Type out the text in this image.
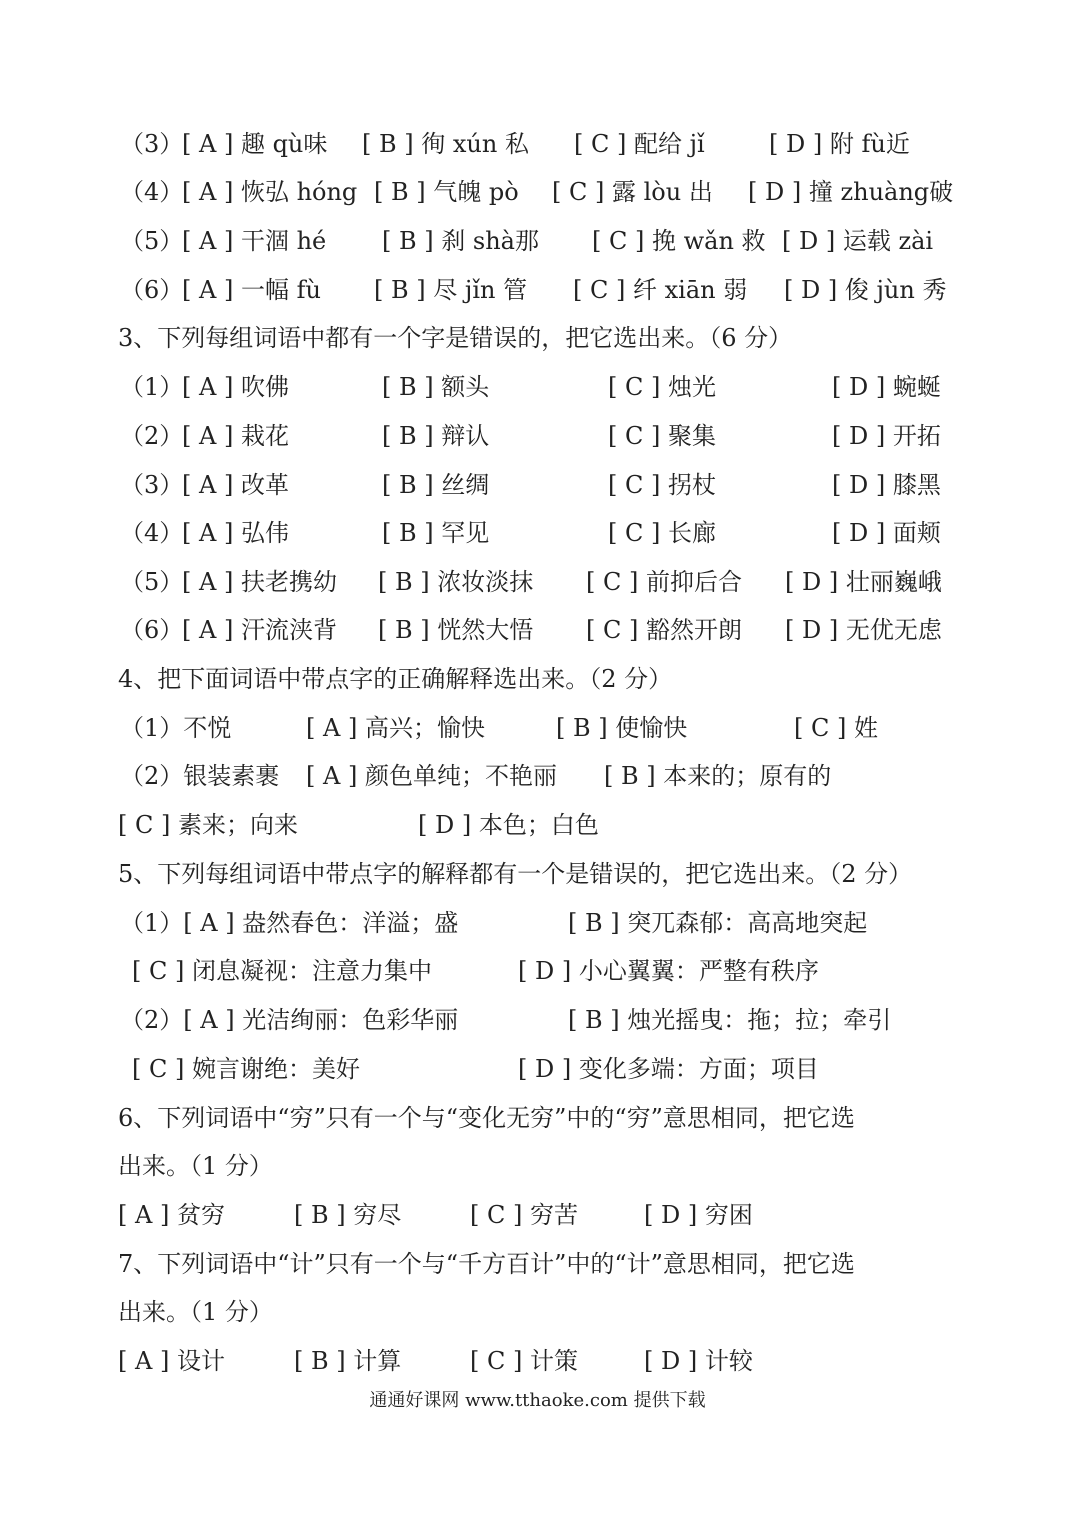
（3）
[ A ] 趣 qù味 [ B ] 徇 xún 私 [ C ] 配给 jǐ	[ D ] 附 fù近
（4）
[ A ] 恢弘 hóng [ B ] 气魄 pò [ C ] 露 lòu 出 [ D ] 撞 zhuàng破
（5）
[ A ] 干涸 hé [ B ] 刹 shà那 [ C ] 挽 wǎn 救 [ D ] 运载 zài
（6）
[ A ] 一幅 fù [ B ] 尽 jǐn 管 [ C ] 纤 xiān 弱 [ D ] 俊 jùn 秀
3、下列每组词语中都有一个字是错误的，把它选出来。（6 分）
（1）
[ A ] 吹佛	[ B ] 额头	[ C ] 烛光	[ D ] 蜿蜒
（2）
[ A ] 栽花	[ B ] 辩认	[ C ] 聚集	[ D ] 开拓
（3）
[ A ] 改革	[ B ] 丝绸	[ C ] 拐杖	[ D ] 膝黑
（4）
[ A ] 弘伟	[ B ] 罕见	[ C ] 长廊	[ D ] 面颊
（5）
[ A ] 扶老携幼 [ B ] 浓妆淡抹 [ C ] 前抑后合 [ D ] 壮丽巍峨
（6）
[ A ] 汗流浃背 [ B ] 恍然大悟 [ C ] 豁然开朗 [ D ] 无优无虑
4、把下面词语中带点字的正确解释选出来。（2 分）
（1）不悦	[ A ] 高兴；愉快	[ B ] 使愉快	[ C ] 姓
（2）银装素裹 [ A ] 颜色单纯；不艳丽 [ B ] 本来的；原有的
[ C ] 素来；向来	[ D ] 本色；白色
5、下列每组词语中带点字的解释都有一个是错误的，把它选出来。（2 分）
（1）[ A ] 盎然春色：洋溢；盛	[ B ] 突兀森郁：高高地突起
[ C ] 闭息凝视：注意力集中	[ D ] 小心翼翼：严整有秩序
（2）[ A ] 光洁绚丽：色彩华丽	[ B ] 烛光摇曳：拖；拉；牵引
[ C ] 婉言谢绝：美好	[ D ] 变化多端：方面；项目
6、下列词语中“穷”只有一个与“变化无穷”中的“穷”意思相同，把它选
出来。（1 分）
[ A ] 贫穷	[ B ] 穷尽	[ C ] 穷苦	[ D ] 穷困
7、下列词语中“计”只有一个与“千方百计”中的“计”意思相同，把它选
出来。（1 分）
[ A ] 设计	[ B ] 计算	[ C ] 计策	[ D ] 计较
通通好课网 www.tthaoke.com 提供下载
